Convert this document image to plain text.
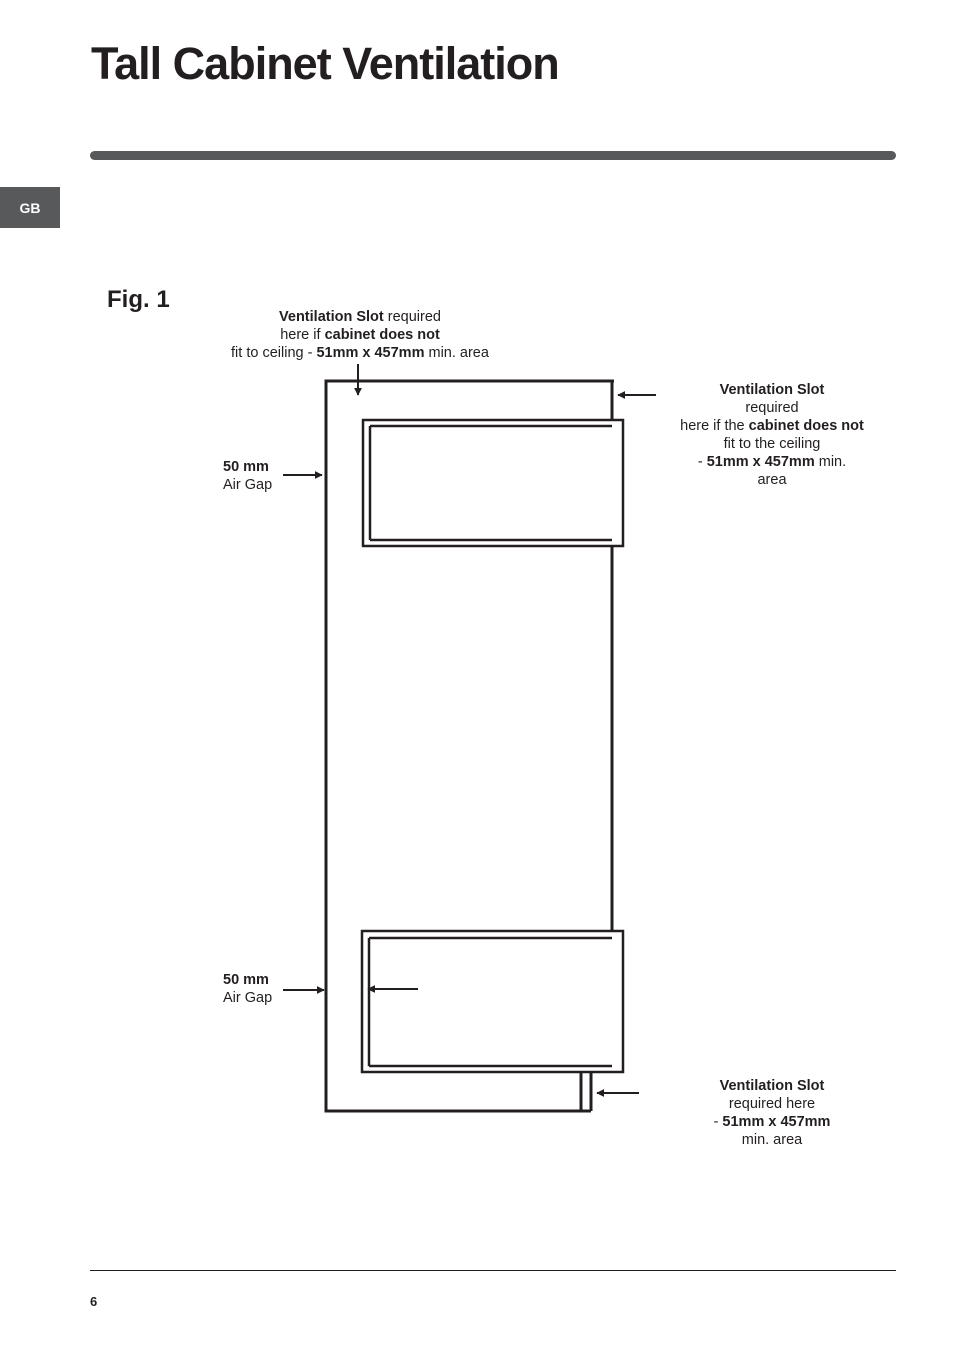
Tall Cabinet Ventilation
GB
Fig. 1
Ventilation Slot required
here if cabinet does not
fit to ceiling - 51mm x 457mm min. area
Ventilation Slot
required
here if the cabinet does not
fit to the ceiling
- 51mm x 457mm min.
area
50 mm
Air Gap
50 mm
Air Gap
Ventilation Slot
required here
- 51mm x 457mm
min. area
6
